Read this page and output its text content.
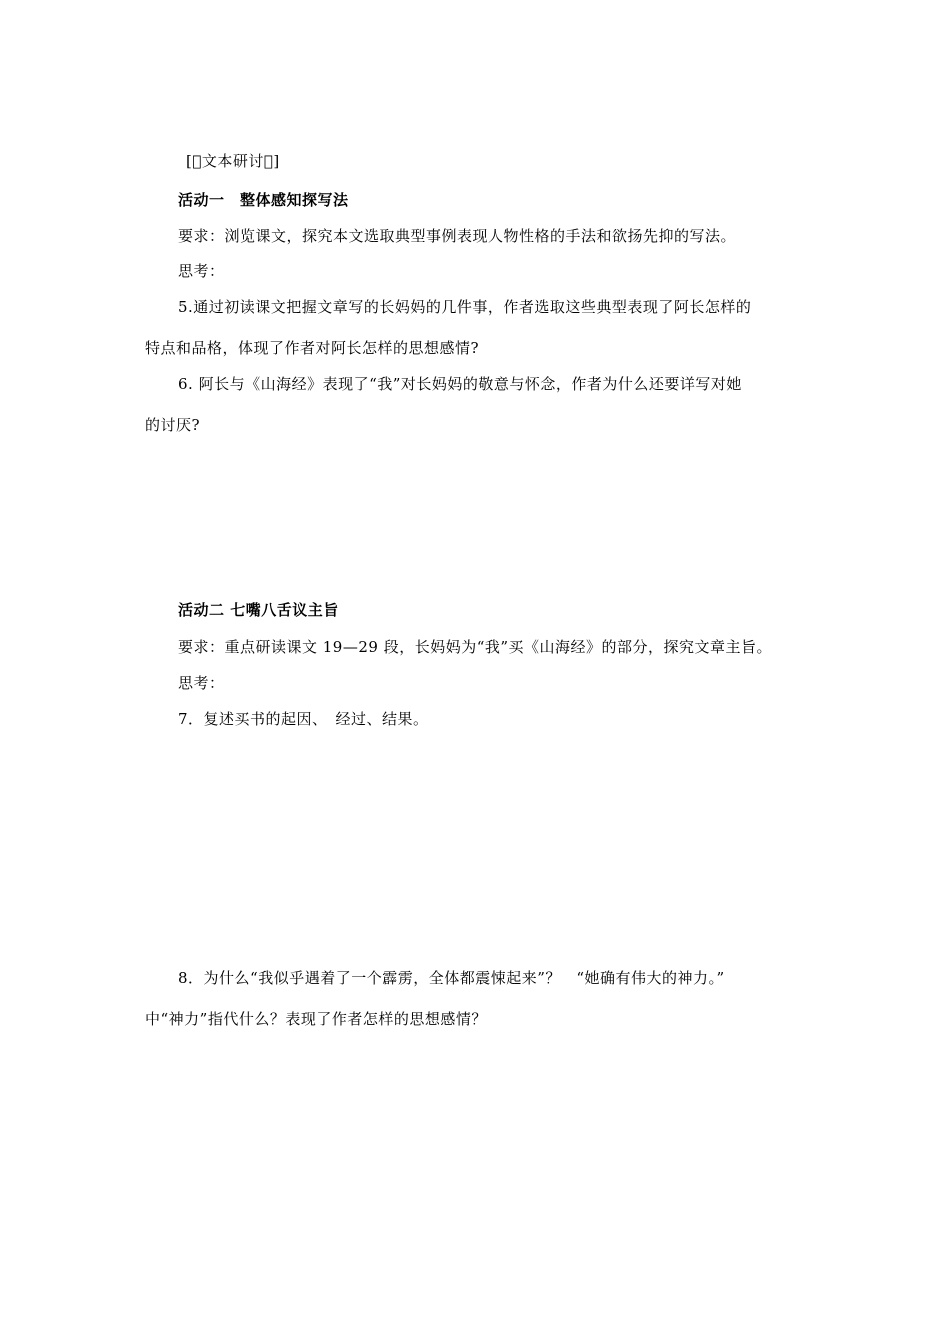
[ 文本研讨 ]
活动一　整体感知探写法
要求：浏览课文，探究本文选取典型事例表现人物性格的手法和欲扬先抑的写法。
思考：
5.通过初读课文把握文章写的长妈妈的几件事，作者选取这些典型表现了阿长怎样的
特点和品格，体现了作者对阿长怎样的思想感情?
6. 阿长与《山海经》表现了“我”对长妈妈的敬意与怀念，作者为什么还要详写对她
的讨厌?
活动二 七嘴八舌议主旨
要求：重点研读课文 19—29 段，长妈妈为“我”买《山海经》的部分，探究文章主旨。
思考：
7．复述买书的起因、　经过、结果。
8．为什么“我似乎遇着了一个霹雳，全体都震悚起来”？　“她确有伟大的神力。”
中“神力”指代什么？表现了作者怎样的思想感情？
